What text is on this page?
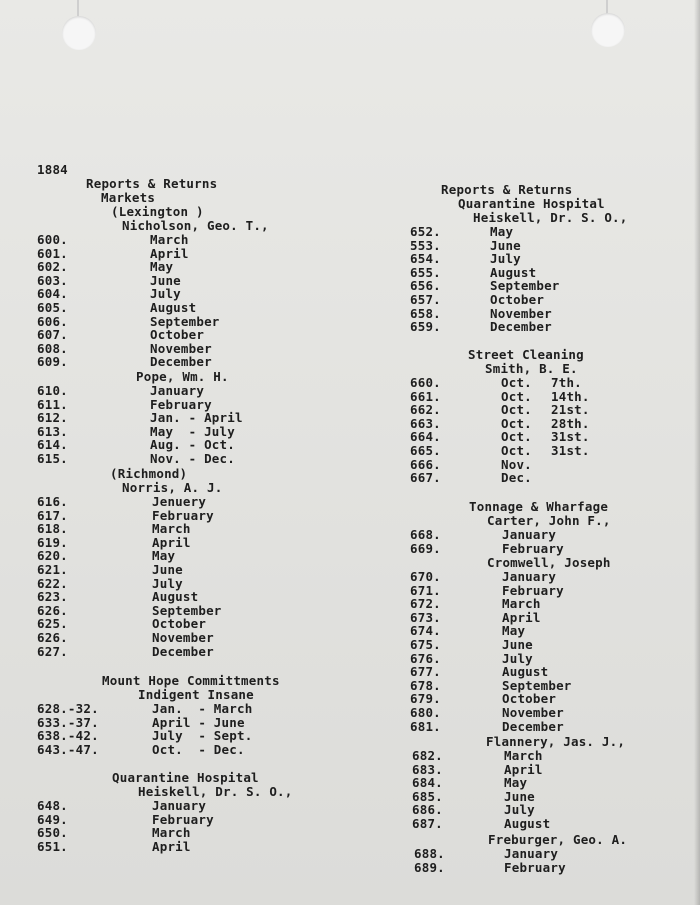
1884
Reports & Returns
Markets
(Lexington )
Nicholson, Geo. T.,
600.	March
601.	April
602.	May
603.	June
604.	July
605.	August
606.	September
607.	October
608.	November
609.	December
Pope, Wm. H.
610.	January
611.	February
612.	Jan. - April
613.	May  - July
614.	Aug. - Oct.
615.	Nov. - Dec.
(Richmond)
Norris, A. J.
616.	Jenuery
617.	February
618.	March
619.	April
620.	May
621.	June
622.	July
623.	August
626.	September
625.	October
626.	November
627.	December
Mount Hope Committments
Indigent Insane
628.-32.	Jan.  - March
633.-37.	April - June
638.-42.	July  - Sept.
643.-47.	Oct.  - Dec.
Quarantine Hospital
Heiskell, Dr. S. O.,
648.	January
649.	February
650.	March
651.	April
Reports & Returns
Quarantine Hospital
Heiskell, Dr. S. O.,
652.	May
553.	June
654.	July
655.	August
656.	September
657.	October
658.	November
659.	December
Street Cleaning
Smith, B. E.
660.	Oct.	7th.
661.	Oct.	14th.
662.	Oct.	21st.
663.	Oct.	28th.
664.	Oct.	31st.
665.	Oct.	31st.
666.	Nov.
667.	Dec.
Tonnage & Wharfage
Carter, John F.,
668.	January
669.	February
Cromwell, Joseph
670.	January
671.	February
672.	March
673.	April
674.	May
675.	June
676.	July
677.	August
678.	September
679.	October
680.	November
681.	December
Flannery, Jas. J.,
682.	March
683.	April
684.	May
685.	June
686.	July
687.	August
Freburger, Geo. A.
688.	January
689.	February
